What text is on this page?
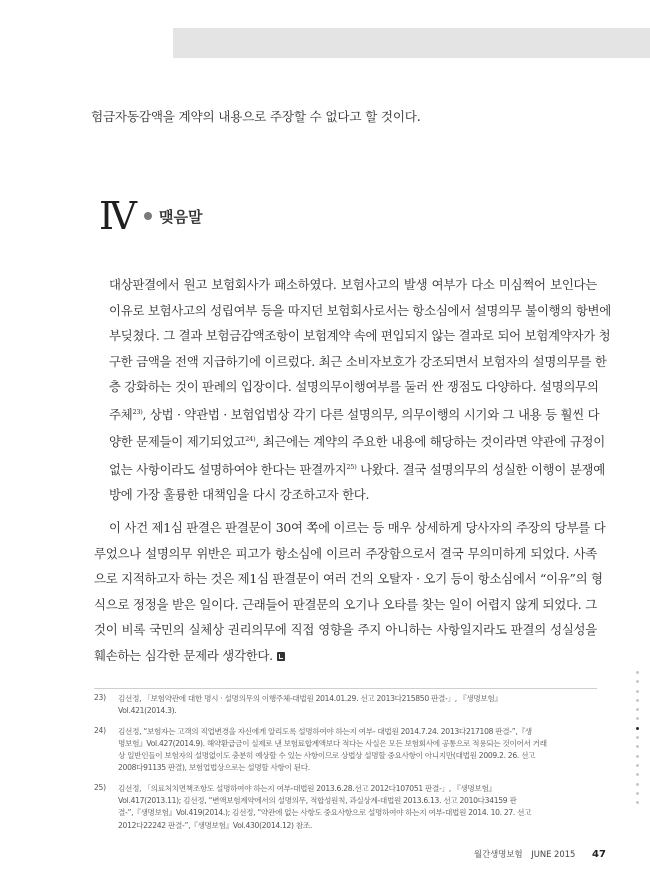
험금자동감액을 계약의 내용으로 주장할 수 없다고 할 것이다.
Ⅳ 맺음말

대상판결에서 원고 보험회사가 패소하였다. 보험사고의 발생 여부가 다소 미심쩍어 보인다는
이유로 보험사고의 성립여부 등을 따지던 보험회사로서는 항소심에서 설명의무 불이행의 항변에
부딪쳤다. 그 결과 보험금감액조항이 보험계약 속에 편입되지 않는 결과로 되어 보험계약자가 청
구한 금액을 전액 지급하기에 이르렀다. 최근 소비자보호가 강조되면서 보험자의 설명의무를 한
층 강화하는 것이 판례의 입장이다. 설명의무이행여부를 둘러 싼 쟁점도 다양하다. 설명의무의
주체$^{23)}$, 상법 · 약관법 · 보험업법상 각기 다른 설명의무, 의무이행의 시기와 그 내용 등 훨씬 다
양한 문제들이 제기되었고$^{24)}$, 최근에는 계약의 주요한 내용에 해당하는 것이라면 약관에 규정이
없는 사항이라도 설명하여야 한다는 판결까지$^{25)}$ 나왔다. 결국 설명의무의 성실한 이행이 분쟁예
방에 가장 훌륭한 대책임을 다시 강조하고자 한다.

이 사건 제1심 판결은 판결문이 30여 쪽에 이르는 등 매우 상세하게 당사자의 주장의 당부를 다
루었으나 설명의무 위반은 피고가 항소심에 이르러 주장함으로서 결국 무의미하게 되었다. 사족
으로 지적하고자 하는 것은 제1심 판결문이 여러 건의 오탈자 · 오기 등이 항소심에서 “이유”의 형
식으로 정정을 받은 일이다. 근래들어 판결문의 오기나 오타를 찾는 일이 어렵지 않게 되었다. 그
것이 비록 국민의 실체상 권리의무에 직접 영향을 주지 아니하는 사항일지라도 판결의 성실성을
훼손하는 심각한 문제라 생각한다.

23) 김선정, 「보험약관에 대한 명시 · 설명의무의 이행주체-대법원 2014.01.29. 선고 2013다215850 판결-」, 『생명보험』
Vol.421(2014.3).
24) 김선정, “보험자는 고객의 직업변경을 자신에게 알리도록 설명하여야 하는지 여부- 대법원 2014.7.24. 2013다217108 판결-”,『생
명보험』Vol.427(2014.9). 해약환급금이 실제로 낸 보험료합계액보다 적다는 사실은 모든 보험회사에 공통으로 적용되는 것이어서 거래
상 일반인들이 보험자의 설명없이도 충분히 예상할 수 있는 사항이므로 상법상 설명할 중요사항이 아니지만(대법원 2009.2. 26. 선고
2008다91135 판결), 보험업법상으로는 설명할 사항이 된다.
25) 김선정, 「의료처치면책조항도 설명하여야 하는지 여부-대법원 2013.6.28.선고 2012다107051 판결-」, 『생명보험』
Vol.417(2013.11); 김선정, “변액보험계약에서의 설명의무, 적합성원칙, 과실상계-대법원 2013.6.13. 선고 2010다34159 판
결-”,『생명보험』Vol.419(2014.); 김선정, “약관에 없는 사항도 중요사항으로 설명하여야 하는지 여부-대법원 2014. 10. 27. 선고
2012다22242 판결-”,『생명보험』Vol.430(2014.12) 참조.
월간생명보험 JUNE 2015 47
